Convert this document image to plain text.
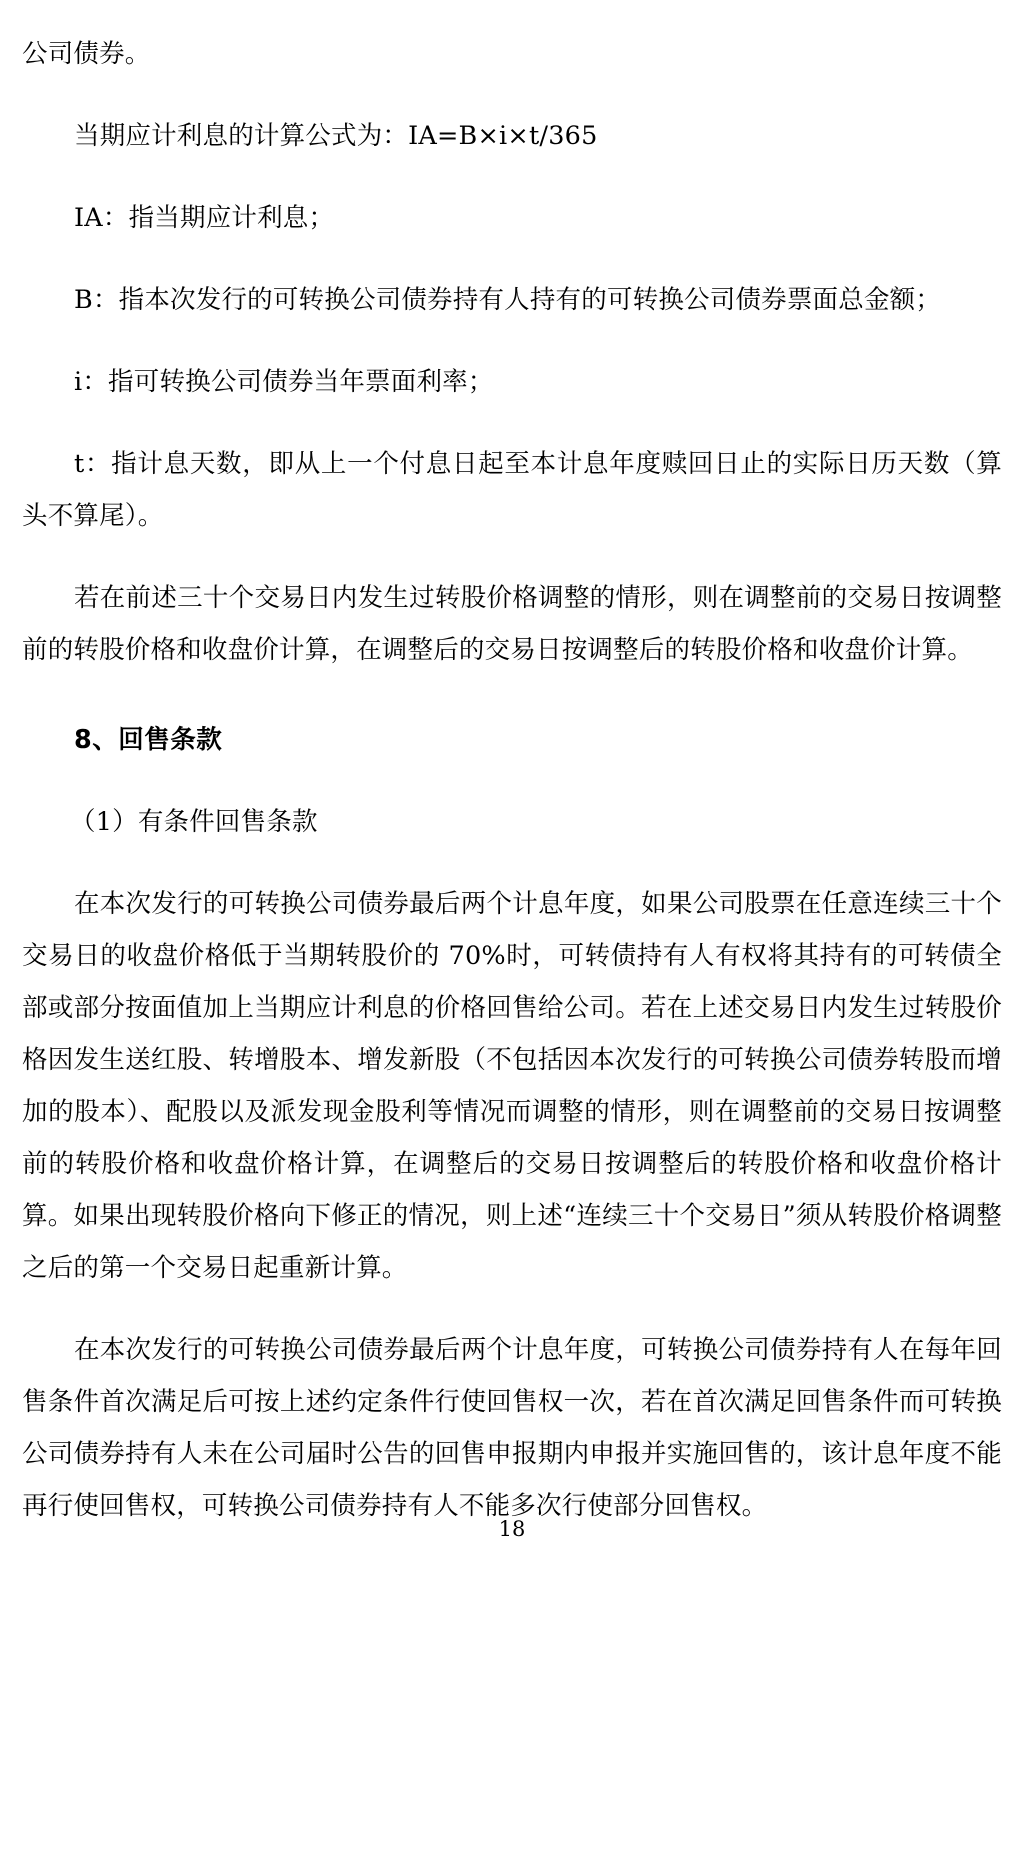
公司债券。

当期应计利息的计算公式为：IA=B×i×t/365

IA：指当期应计利息；

B：指本次发行的可转换公司债券持有人持有的可转换公司债券票面总金额；

i：指可转换公司债券当年票面利率；

t：指计息天数，即从上一个付息日起至本计息年度赎回日止的实际日历天数（算头不算尾）。

若在前述三十个交易日内发生过转股价格调整的情形，则在调整前的交易日按调整前的转股价格和收盘价计算，在调整后的交易日按调整后的转股价格和收盘价计算。

8、回售条款

（1）有条件回售条款

在本次发行的可转换公司债券最后两个计息年度，如果公司股票在任意连续三十个交易日的收盘价格低于当期转股价的 70%时，可转债持有人有权将其持有的可转债全部或部分按面值加上当期应计利息的价格回售给公司。若在上述交易日内发生过转股价格因发生送红股、转增股本、增发新股（不包括因本次发行的可转换公司债券转股而增加的股本）、配股以及派发现金股利等情况而调整的情形，则在调整前的交易日按调整前的转股价格和收盘价格计算，在调整后的交易日按调整后的转股价格和收盘价格计算。如果出现转股价格向下修正的情况，则上述“连续三十个交易日”须从转股价格调整之后的第一个交易日起重新计算。

在本次发行的可转换公司债券最后两个计息年度，可转换公司债券持有人在每年回售条件首次满足后可按上述约定条件行使回售权一次，若在首次满足回售条件而可转换公司债券持有人未在公司届时公告的回售申报期内申报并实施回售的，该计息年度不能再行使回售权，可转换公司债券持有人不能多次行使部分回售权。

18
